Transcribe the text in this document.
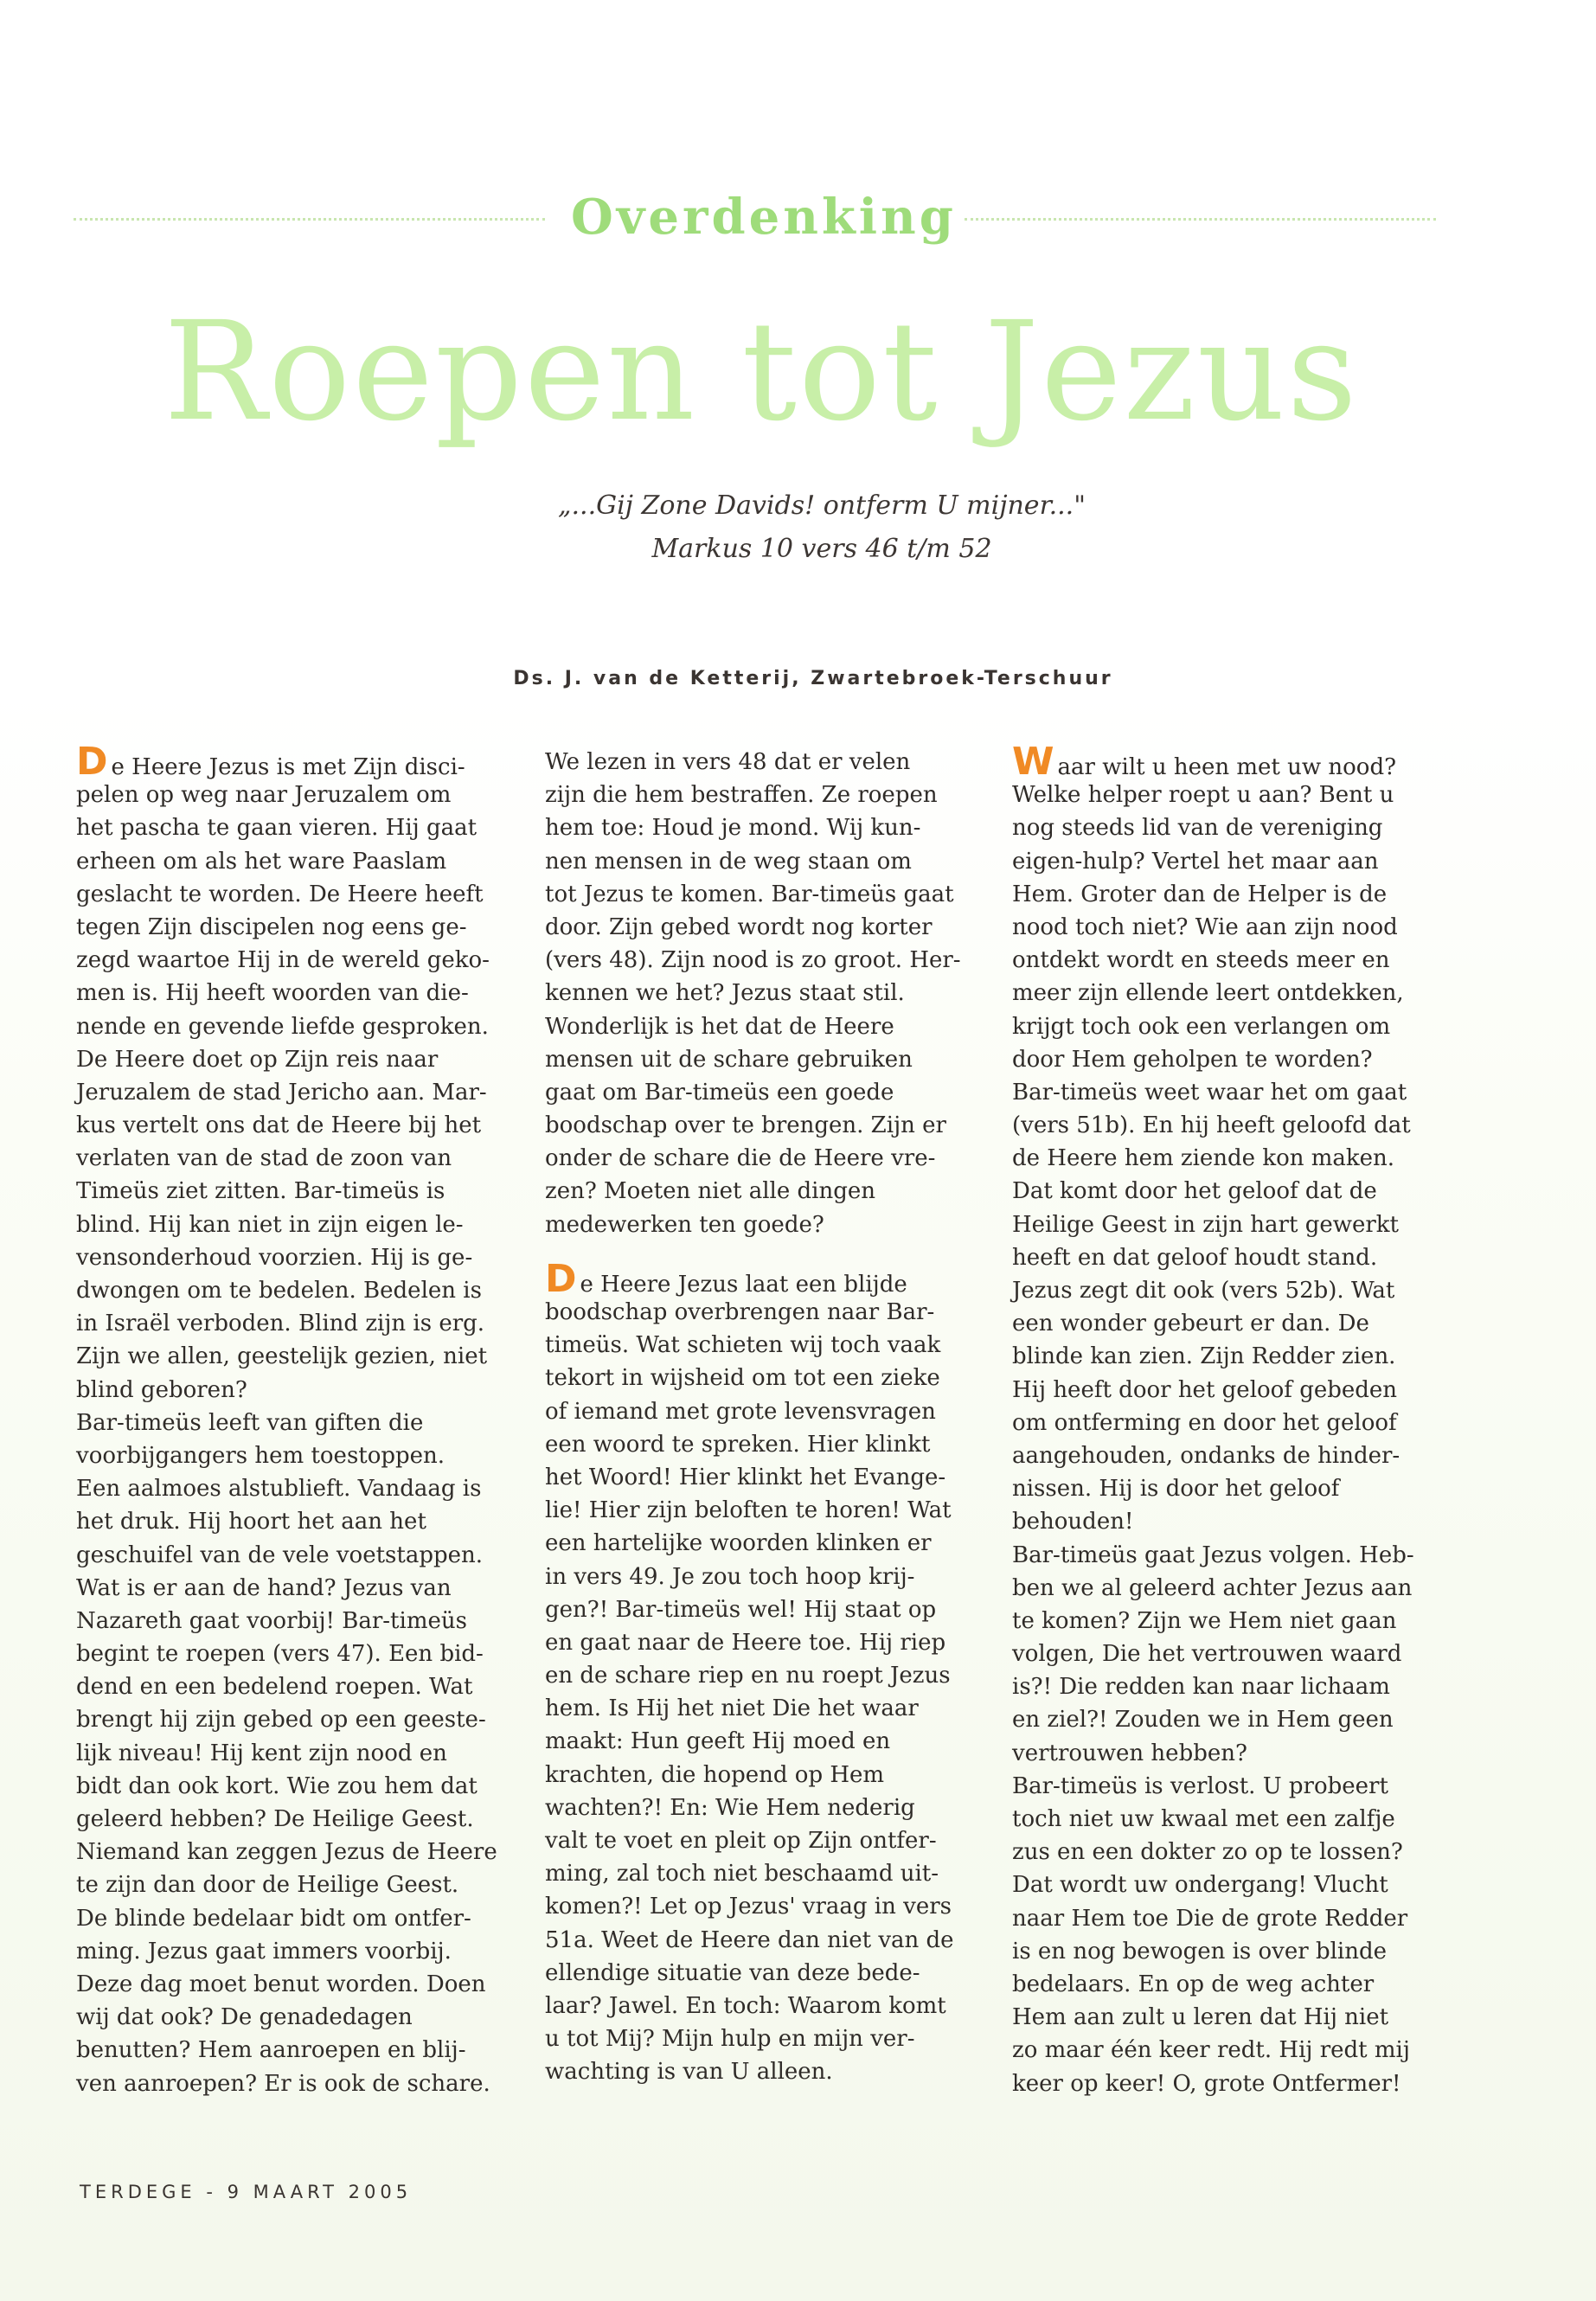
Overdenking
Roepen tot Jezus
„...Gij Zone Davids! ontferm U mijner..."
Markus 10 vers 46 t/m 52
Ds. J. van de Ketterij, Zwartebroek-Terschuur
De Heere Jezus is met Zijn disci-
pelen op weg naar Jeruzalem om
het pascha te gaan vieren. Hij gaat
erheen om als het ware Paaslam
geslacht te worden. De Heere heeft
tegen Zijn discipelen nog eens ge-
zegd waartoe Hij in de wereld geko-
men is. Hij heeft woorden van die-
nende en gevende liefde gesproken.
De Heere doet op Zijn reis naar
Jeruzalem de stad Jericho aan. Mar-
kus vertelt ons dat de Heere bij het
verlaten van de stad de zoon van
Timeüs ziet zitten. Bar-timeüs is
blind. Hij kan niet in zijn eigen le-
vensonderhoud voorzien. Hij is ge-
dwongen om te bedelen. Bedelen is
in Israël verboden. Blind zijn is erg.
Zijn we allen, geestelijk gezien, niet
blind geboren?
Bar-timeüs leeft van giften die
voorbijgangers hem toestoppen.
Een aalmoes alstublieft. Vandaag is
het druk. Hij hoort het aan het
geschuifel van de vele voetstappen.
Wat is er aan de hand? Jezus van
Nazareth gaat voorbij! Bar-timeüs
begint te roepen (vers 47). Een bid-
dend en een bedelend roepen. Wat
brengt hij zijn gebed op een geeste-
lijk niveau! Hij kent zijn nood en
bidt dan ook kort. Wie zou hem dat
geleerd hebben? De Heilige Geest.
Niemand kan zeggen Jezus de Heere
te zijn dan door de Heilige Geest.
De blinde bedelaar bidt om ontfer-
ming. Jezus gaat immers voorbij.
Deze dag moet benut worden. Doen
wij dat ook? De genadedagen
benutten? Hem aanroepen en blij-
ven aanroepen? Er is ook de schare.
We lezen in vers 48 dat er velen
zijn die hem bestraffen. Ze roepen
hem toe: Houd je mond. Wij kun-
nen mensen in de weg staan om
tot Jezus te komen. Bar-timeüs gaat
door. Zijn gebed wordt nog korter
(vers 48). Zijn nood is zo groot. Her-
kennen we het? Jezus staat stil.
Wonderlijk is het dat de Heere
mensen uit de schare gebruiken
gaat om Bar-timeüs een goede
boodschap over te brengen. Zijn er
onder de schare die de Heere vre-
zen? Moeten niet alle dingen
medewerken ten goede?
De Heere Jezus laat een blijde
boodschap overbrengen naar Bar-
timeüs. Wat schieten wij toch vaak
tekort in wijsheid om tot een zieke
of iemand met grote levensvragen
een woord te spreken. Hier klinkt
het Woord! Hier klinkt het Evange-
lie! Hier zijn beloften te horen! Wat
een hartelijke woorden klinken er
in vers 49. Je zou toch hoop krij-
gen?! Bar-timeüs wel! Hij staat op
en gaat naar de Heere toe. Hij riep
en de schare riep en nu roept Jezus
hem. Is Hij het niet Die het waar
maakt: Hun geeft Hij moed en
krachten, die hopend op Hem
wachten?! En: Wie Hem nederig
valt te voet en pleit op Zijn ontfer-
ming, zal toch niet beschaamd uit-
komen?! Let op Jezus' vraag in vers
51a. Weet de Heere dan niet van de
ellendige situatie van deze bede-
laar? Jawel. En toch: Waarom komt
u tot Mij? Mijn hulp en mijn ver-
wachting is van U alleen.
Waar wilt u heen met uw nood?
Welke helper roept u aan? Bent u
nog steeds lid van de vereniging
eigen-hulp? Vertel het maar aan
Hem. Groter dan de Helper is de
nood toch niet? Wie aan zijn nood
ontdekt wordt en steeds meer en
meer zijn ellende leert ontdekken,
krijgt toch ook een verlangen om
door Hem geholpen te worden?
Bar-timeüs weet waar het om gaat
(vers 51b). En hij heeft geloofd dat
de Heere hem ziende kon maken.
Dat komt door het geloof dat de
Heilige Geest in zijn hart gewerkt
heeft en dat geloof houdt stand.
Jezus zegt dit ook (vers 52b). Wat
een wonder gebeurt er dan. De
blinde kan zien. Zijn Redder zien.
Hij heeft door het geloof gebeden
om ontferming en door het geloof
aangehouden, ondanks de hinder-
nissen. Hij is door het geloof
behouden!
Bar-timeüs gaat Jezus volgen. Heb-
ben we al geleerd achter Jezus aan
te komen? Zijn we Hem niet gaan
volgen, Die het vertrouwen waard
is?! Die redden kan naar lichaam
en ziel?! Zouden we in Hem geen
vertrouwen hebben?
Bar-timeüs is verlost. U probeert
toch niet uw kwaal met een zalfje
zus en een dokter zo op te lossen?
Dat wordt uw ondergang! Vlucht
naar Hem toe Die de grote Redder
is en nog bewogen is over blinde
bedelaars. En op de weg achter
Hem aan zult u leren dat Hij niet
zo maar één keer redt. Hij redt mij
keer op keer! O, grote Ontfermer!
TERDEGE - 9 MAART 2005
